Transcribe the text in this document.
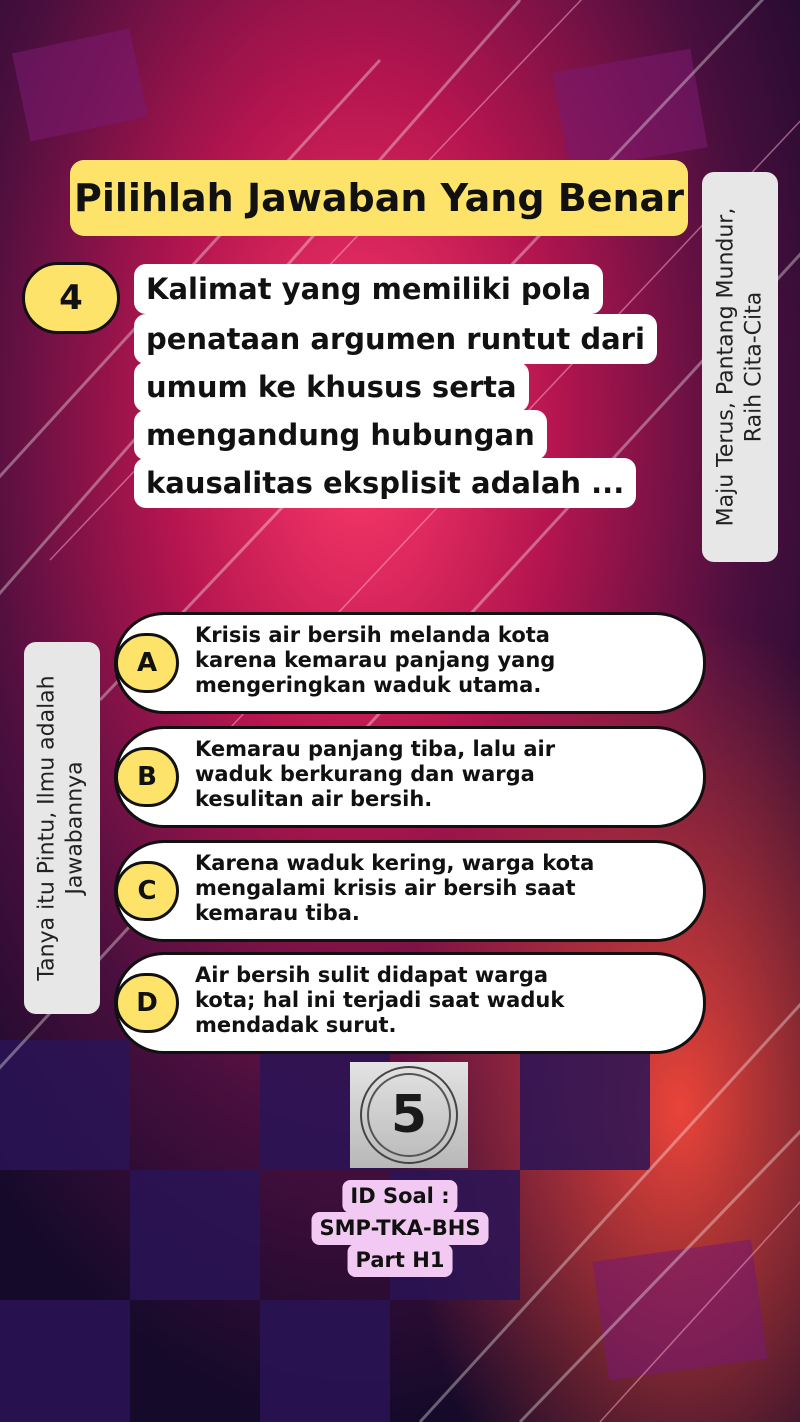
Pilihlah Jawaban Yang Benar
4	Kalimat yang memiliki pola
penataan argumen runtut dari
umum ke khusus serta
mengandung hubungan
kausalitas eksplisit adalah ...	Maju Terus, Pantang Mundur, Raih Cita-Cita
Tanya itu Pintu, Ilmu adalah Jawabannya
A
Krisis air bersih melanda kota
karena kemarau panjang yang
mengeringkan waduk utama.
B
Kemarau panjang tiba, lalu air
waduk berkurang dan warga
kesulitan air bersih.
C
Karena waduk kering, warga kota
mengalami krisis air bersih saat
kemarau tiba.
D
Air bersih sulit didapat warga
kota; hal ini terjadi saat waduk
mendadak surut.
5
ID Soal :
SMP-TKA-BHS
Part H1
